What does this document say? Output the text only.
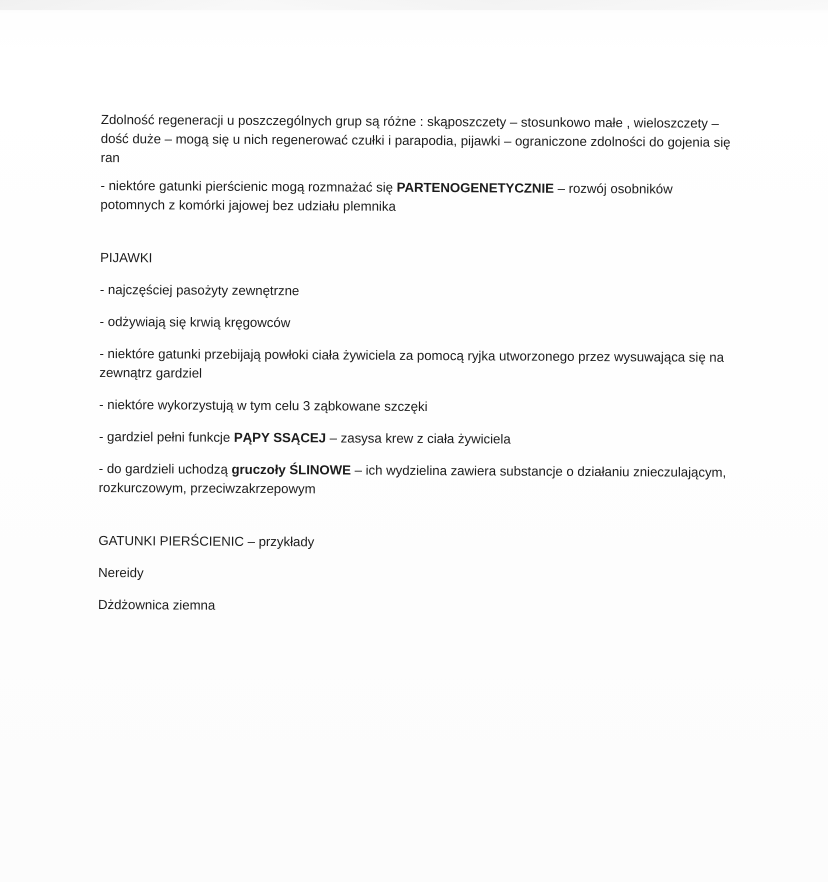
Zdolność regeneracji u poszczególnych grup są różne : skąposzczety – stosunkowo małe , wieloszczety – dość duże – mogą się u nich regenerować czułki i parapodia, pijawki – ograniczone zdolności do gojenia się ran

- niektóre gatunki pierścienic mogą rozmnażać się PARTENOGENETYCZNIE – rozwój osobników potomnych z komórki jajowej bez udziału plemnika

PIJAWKI

- najczęściej pasożyty zewnętrzne

- odżywiają się krwią kręgowców

- niektóre gatunki przebijają powłoki ciała żywiciela za pomocą ryjka utworzonego przez wysuwająca się na zewnątrz gardziel

- niektóre wykorzystują w tym celu 3 ząbkowane szczęki

- gardziel pełni funkcje PĄPY SSĄCEJ – zasysa krew z ciała żywiciela

- do gardzieli uchodzą gruczoły ŚLINOWE – ich wydzielina zawiera substancje o działaniu znieczulającym, rozkurczowym, przeciwzakrzepowym

GATUNKI PIERŚCIENIC – przykłady

Nereidy

Dżdżownica ziemna
